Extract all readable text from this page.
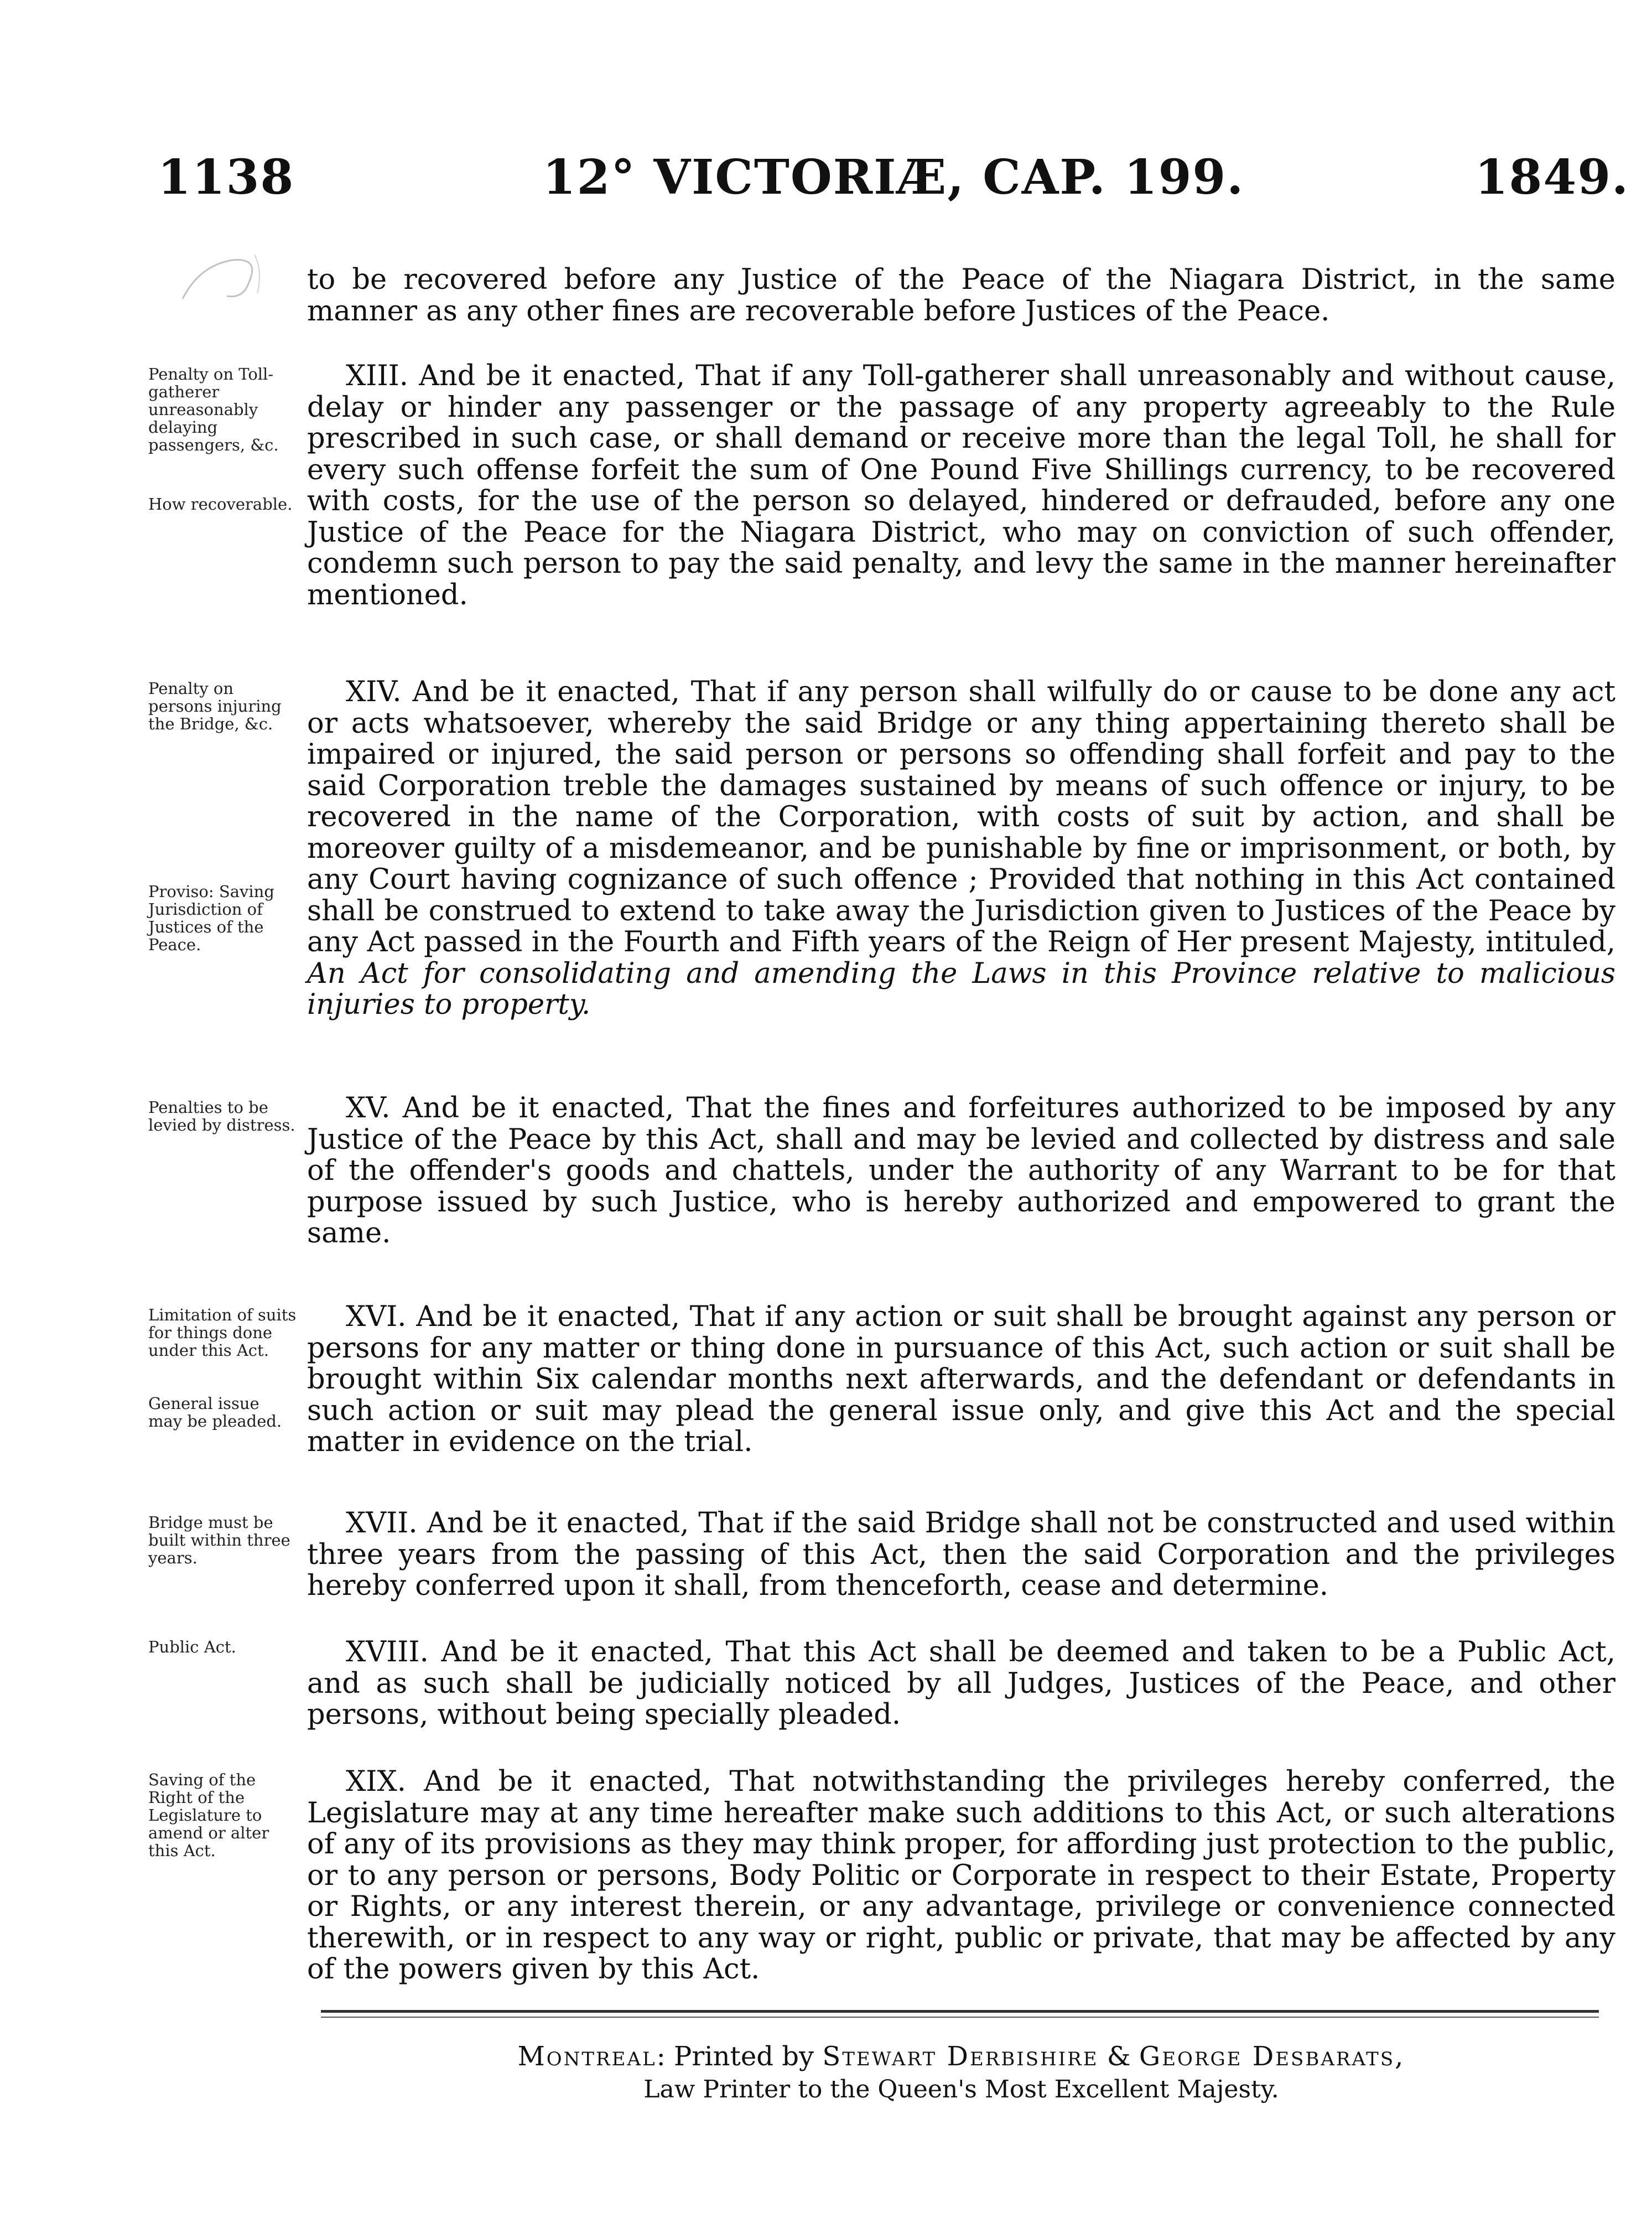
1138	12° VICTORIÆ, CAP. 199.	1849.
Penalty on Toll-gatherer unreasonably delaying passengers, &c.
How recoverable.
Penalty on persons injuring the Bridge, &c.
Proviso: Saving Jurisdiction of Justices of the Peace.
Penalties to be levied by distress.
Limitation of suits for things done under this Act.
General issue may be pleaded.
Bridge must be built within three years.
Public Act.
Saving of the Right of the Legislature to amend or alter this Act.

to be recovered before any Justice of the Peace of the Niagara District, in the same manner as any other fines are recoverable before Justices of the Peace.

XIII. And be it enacted, That if any Toll-gatherer shall unreasonably and without cause, delay or hinder any passenger or the passage of any property agreeably to the Rule prescribed in such case, or shall demand or receive more than the legal Toll, he shall for every such offense forfeit the sum of One Pound Five Shillings currency, to be recovered with costs, for the use of the person so delayed, hindered or defrauded, before any one Justice of the Peace for the Niagara District, who may on conviction of such offender, condemn such person to pay the said penalty, and levy the same in the manner hereinafter mentioned.

XIV. And be it enacted, That if any person shall wilfully do or cause to be done any act or acts whatsoever, whereby the said Bridge or any thing appertaining thereto shall be impaired or injured, the said person or persons so offending shall forfeit and pay to the said Corporation treble the damages sustained by means of such offence or injury, to be recovered in the name of the Corporation, with costs of suit by action, and shall be moreover guilty of a misdemeanor, and be punishable by fine or imprisonment, or both, by any Court having cognizance of such offence ; Provided that nothing in this Act contained shall be construed to extend to take away the Jurisdiction given to Justices of the Peace by any Act passed in the Fourth and Fifth years of the Reign of Her present Majesty, intituled, An Act for consolidating and amending the Laws in this Province relative to malicious injuries to property.

XV. And be it enacted, That the fines and forfeitures authorized to be imposed by any Justice of the Peace by this Act, shall and may be levied and collected by distress and sale of the offender's goods and chattels, under the authority of any Warrant to be for that purpose issued by such Justice, who is hereby authorized and empowered to grant the same.

XVI. And be it enacted, That if any action or suit shall be brought against any person or persons for any matter or thing done in pursuance of this Act, such action or suit shall be brought within Six calendar months next afterwards, and the defendant or defendants in such action or suit may plead the general issue only, and give this Act and the special matter in evidence on the trial.

XVII. And be it enacted, That if the said Bridge shall not be constructed and used within three years from the passing of this Act, then the said Corporation and the privileges hereby conferred upon it shall, from thenceforth, cease and determine.

XVIII. And be it enacted, That this Act shall be deemed and taken to be a Public Act, and as such shall be judicially noticed by all Judges, Justices of the Peace, and other persons, without being specially pleaded.

XIX. And be it enacted, That notwithstanding the privileges hereby conferred, the Legislature may at any time hereafter make such additions to this Act, or such alterations of any of its provisions as they may think proper, for affording just protection to the public, or to any person or persons, Body Politic or Corporate in respect to their Estate, Property or Rights, or any interest therein, or any advantage, privilege or convenience connected therewith, or in respect to any way or right, public or private, that may be affected by any of the powers given by this Act.

Montreal: Printed by Stewart Derbishire & George Desbarats,
Law Printer to the Queen's Most Excellent Majesty.
